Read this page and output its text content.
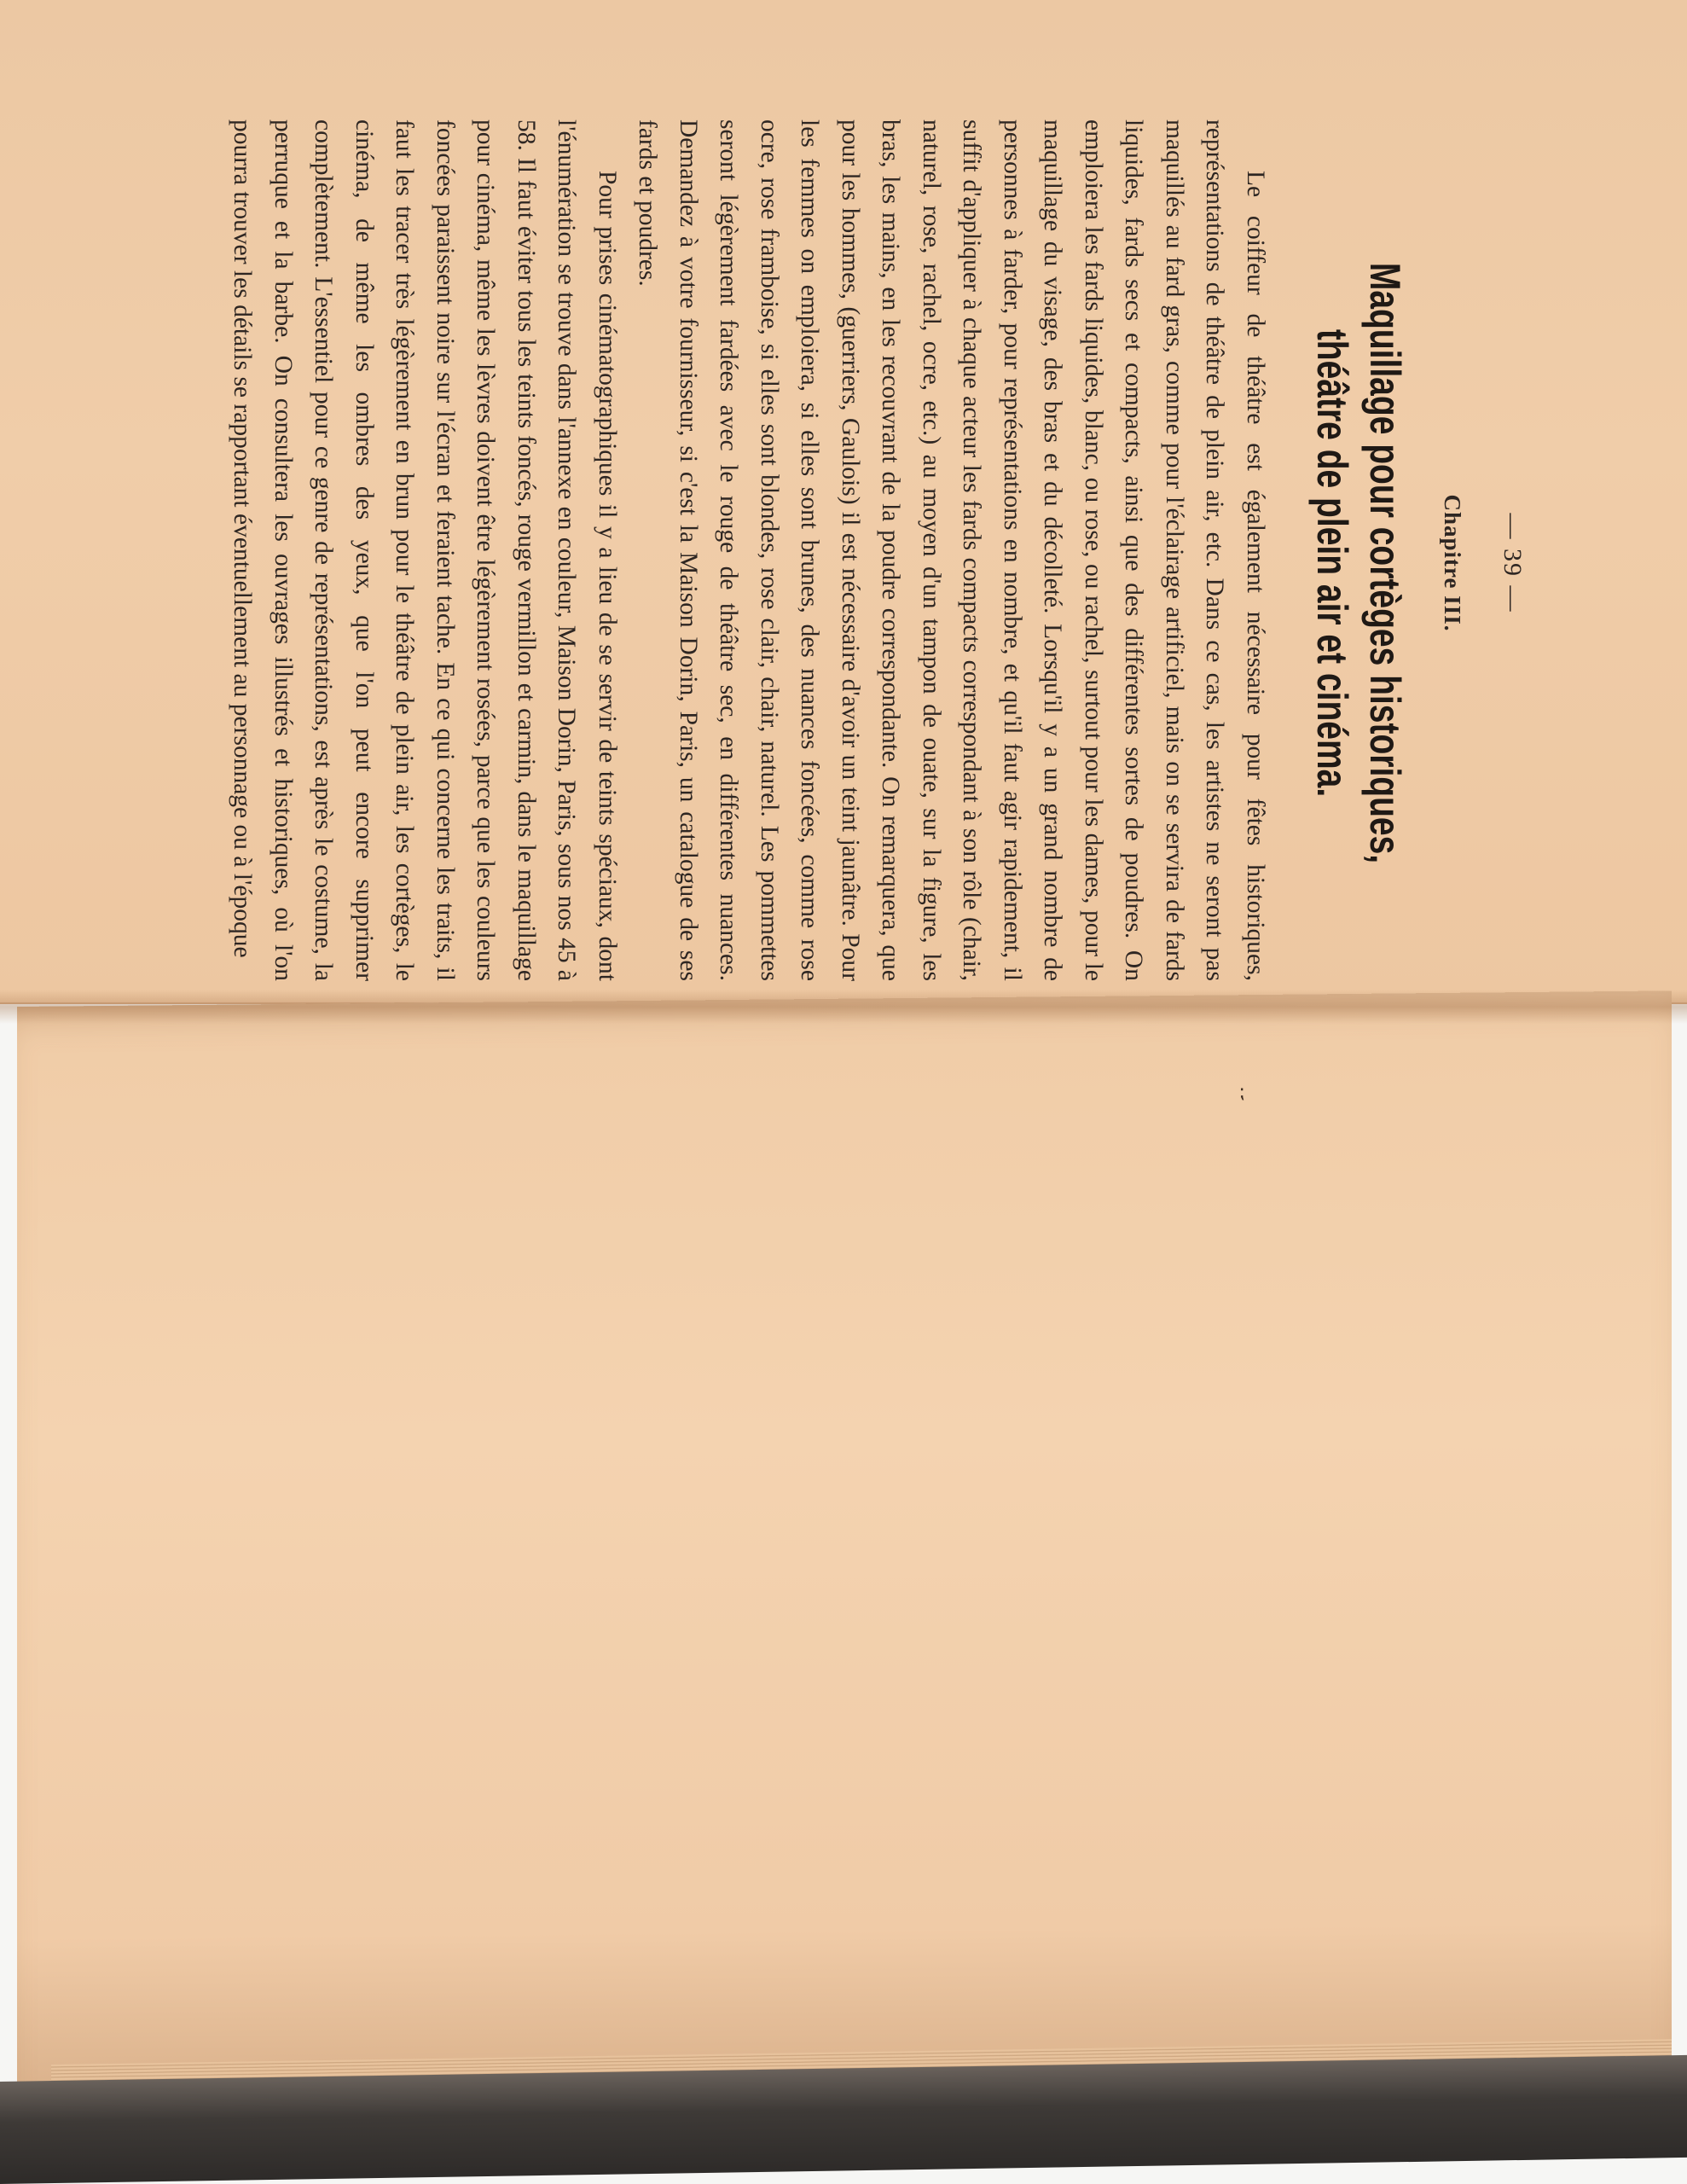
⁏
— 39 —
Chapitre III.
Maquillage pour cortèges historiques,
théâtre de plein air et cinéma.

Le coiffeur de théâtre est également nécessaire pour fêtes historiques, représentations de théâtre de plein air, etc. Dans ce cas, les artistes ne seront pas maquillés au fard gras, comme pour l'éclairage artificiel, mais on se servira de fards liquides, fards secs et compacts, ainsi que des différentes sortes de poudres. On emploiera les fards liquides, blanc, ou rose, ou rachel, surtout pour les dames, pour le maquillage du visage, des bras et du décolleté. Lorsqu'il y a un grand nombre de personnes à farder, pour représentations en nombre, et qu'il faut agir rapidement, il suffit d'appliquer à chaque acteur les fards compacts correspondant à son rôle (chair, naturel, rose, rachel, ocre, etc.) au moyen d'un tampon de ouate, sur la figure, les bras, les mains, en les recouvrant de la poudre correspondante. On remarquera, que pour les hommes, (guerriers, Gaulois) il est nécessaire d'avoir un teint jaunâtre. Pour les femmes on emploiera, si elles sont brunes, des nuances foncées, comme rose ocre, rose framboise, si elles sont blondes, rose clair, chair, naturel. Les pommettes seront légèrement fardées avec le rouge de théâtre sec, en différentes nuances. Demandez à votre fournisseur, si c'est la Maison Dorin, Paris, un catalogue de ses fards et poudres.

Pour prises cinématographiques il y a lieu de se servir de teints spéciaux, dont l'énumération se trouve dans l'annexe en couleur, Maison Dorin, Paris, sous nos 45 à 58. Il faut éviter tous les teints foncés, rouge vermillon et carmin, dans le maquillage pour cinéma, même les lèvres doivent être légèrement rosées, parce que les couleurs foncées paraissent noire sur l'écran et feraient tache. En ce qui concerne les traits, il faut les tracer très légèrement en brun pour le théâtre de plein air, les cortèges, le cinéma, de même les ombres des yeux, que l'on peut encore supprimer complètement. L'essentiel pour ce genre de représentations, est après le costume, la perruque et la barbe. On consultera les ouvrages illustrés et historiques, où l'on pourra trouver les détails se rapportant éventuellement au personnage ou à l'époque
